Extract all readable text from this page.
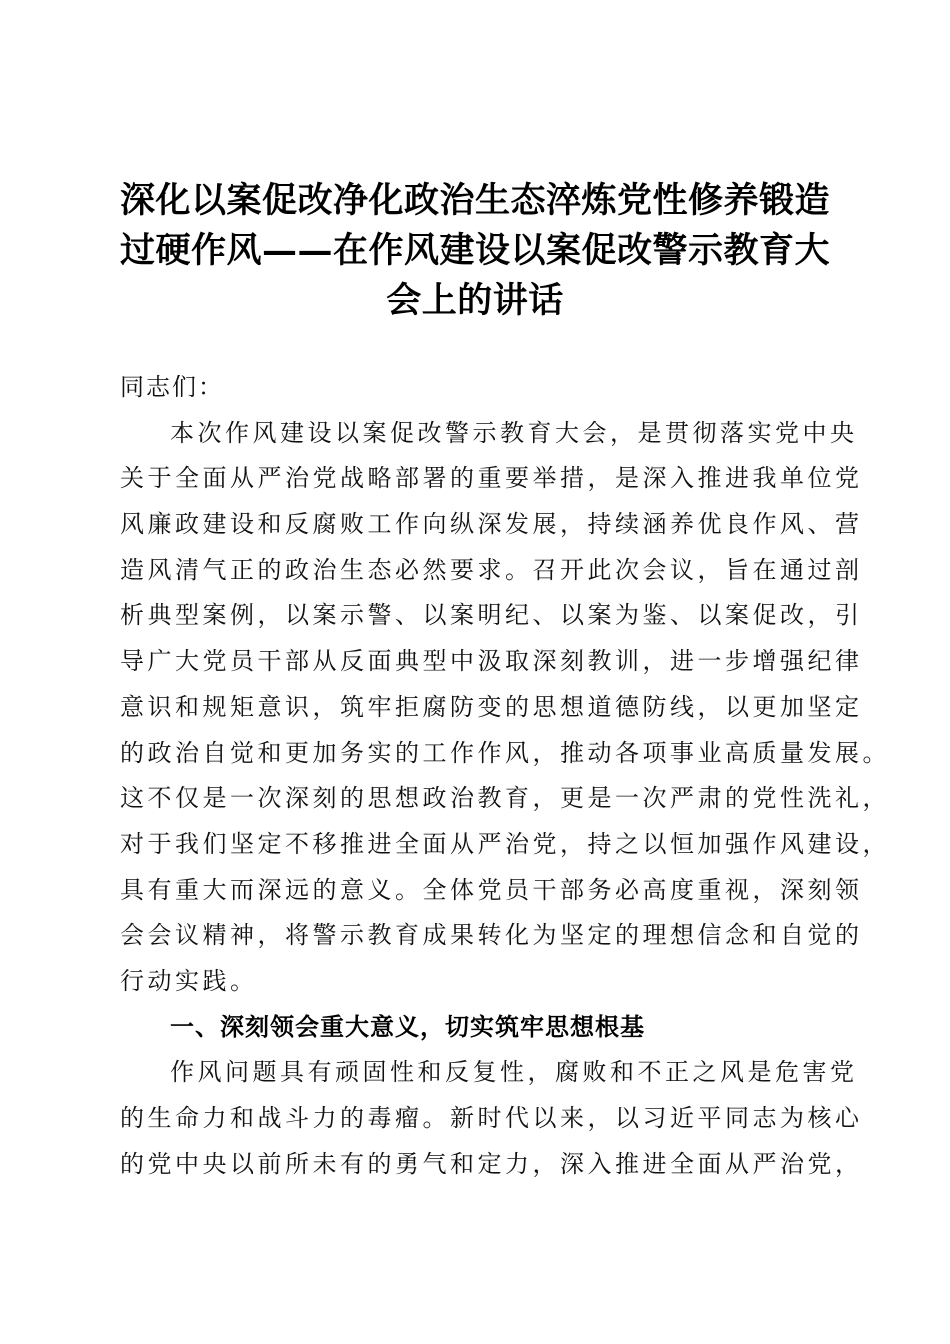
深化以案促改净化政治生态淬炼党性修养锻造
过硬作风——在作风建设以案促改警示教育大
会上的讲话
同志们：
本次作风建设以案促改警示教育大会，是贯彻落实党中央
关于全面从严治党战略部署的重要举措，是深入推进我单位党
风廉政建设和反腐败工作向纵深发展，持续涵养优良作风、营
造风清气正的政治生态必然要求。召开此次会议，旨在通过剖
析典型案例，以案示警、以案明纪、以案为鉴、以案促改，引
导广大党员干部从反面典型中汲取深刻教训，进一步增强纪律
意识和规矩意识，筑牢拒腐防变的思想道德防线，以更加坚定
的政治自觉和更加务实的工作作风，推动各项事业高质量发展。
这不仅是一次深刻的思想政治教育，更是一次严肃的党性洗礼，
对于我们坚定不移推进全面从严治党，持之以恒加强作风建设，
具有重大而深远的意义。全体党员干部务必高度重视，深刻领
会会议精神，将警示教育成果转化为坚定的理想信念和自觉的
行动实践。
一、深刻领会重大意义，切实筑牢思想根基
作风问题具有顽固性和反复性，腐败和不正之风是危害党
的生命力和战斗力的毒瘤。新时代以来，以习近平同志为核心
的党中央以前所未有的勇气和定力，深入推进全面从严治党，
